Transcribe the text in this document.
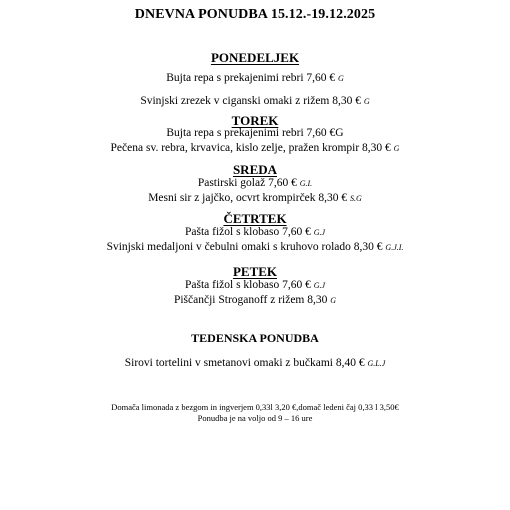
DNEVNA PONUDBA 15.12.-19.12.2025
PONEDELJEK
Bujta repa s prekajenimi rebri 7,60 € G
Svinjski zrezek v ciganski omaki z rižem 8,30 € G
TOREK
Bujta repa s prekajenimi rebri 7,60 €G
Pečena sv. rebra, krvavica, kislo zelje, pražen krompir 8,30 € G
SREDA
Pastirski golaž 7,60 € G.I.
Mesni sir z jajčko, ocvrt krompirček 8,30 € S.G
ČETRTEK
Pašta fižol s klobaso 7,60 € G.J
Svinjski medaljoni v čebulni omaki s kruhovo rolado 8,30 € G.J.I.
PETEK
Pašta fižol s klobaso 7,60 € G.J
Piščančji Stroganoff z rižem 8,30 G
TEDENSKA PONUDBA
Sirovi tortelini v smetanovi omaki z bučkami 8,40 € G.L.J
Domača limonada z bezgom in ingverjem 0,33l 3,20 €,domač ledeni čaj 0,33 l 3,50€
Ponudba je na voljo od 9 – 16 ure
